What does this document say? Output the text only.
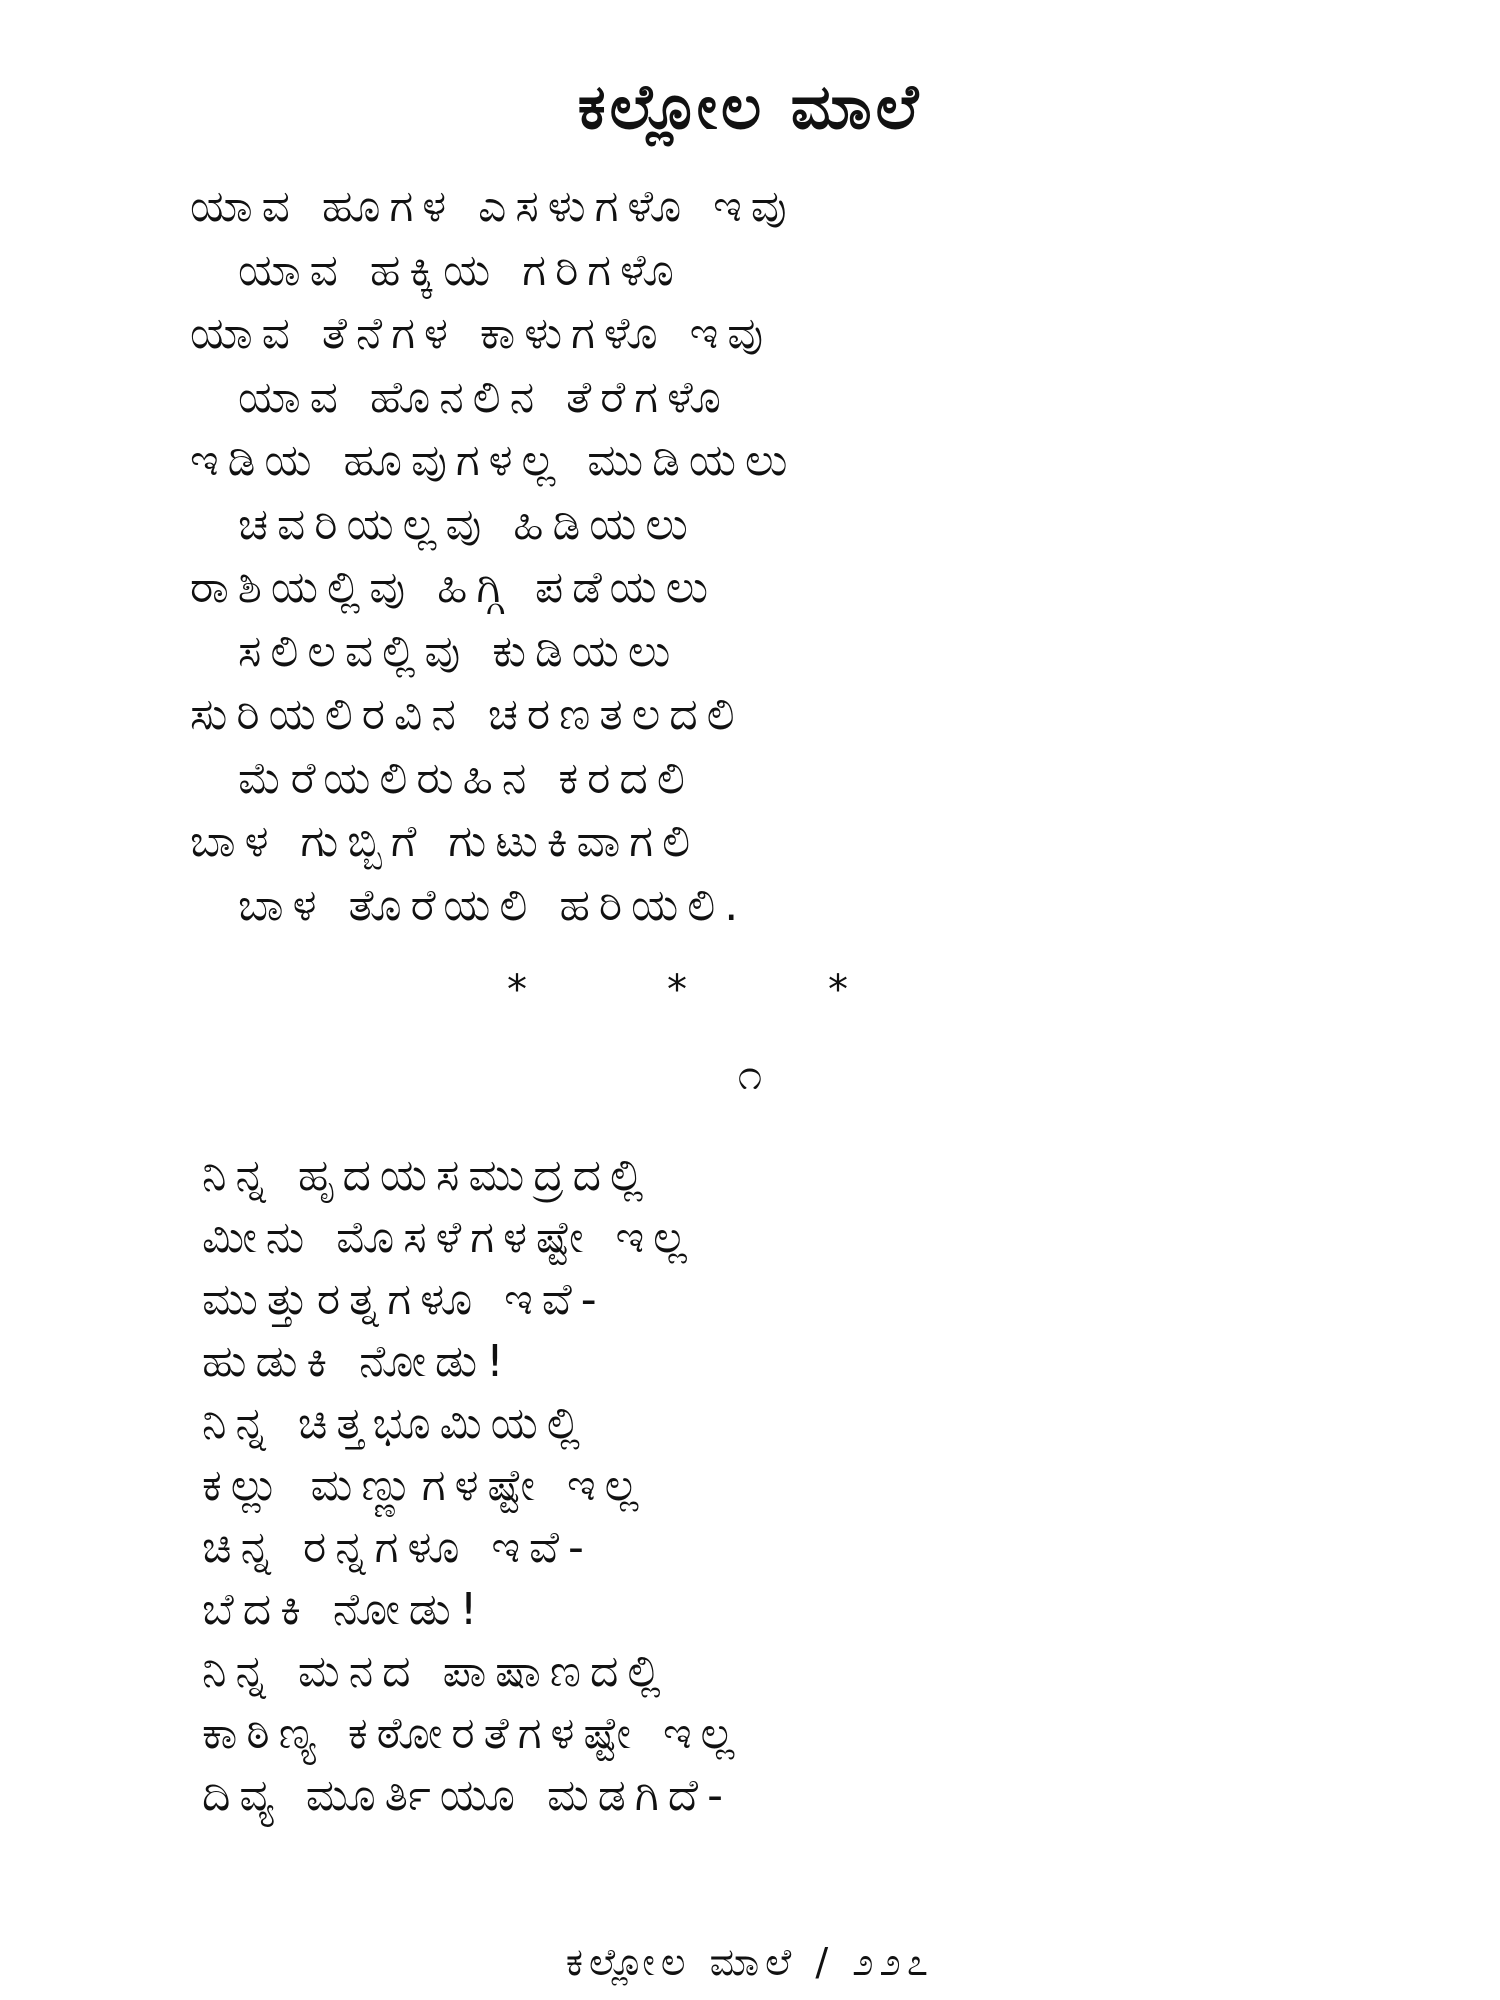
ಕಲ್ಲೋಲ ಮಾಲೆ
ಯಾವ ಹೂಗಳ ಎಸಳುಗಳೊ ಇವು
ಯಾವ ಹಕ್ಕಿಯ ಗರಿಗಳೊ
ಯಾವ ತೆನೆಗಳ ಕಾಳುಗಳೊ ಇವು
ಯಾವ ಹೊನಲಿನ ತೆರೆಗಳೊ
ಇಡಿಯ ಹೂವುಗಳಲ್ಲ ಮುಡಿಯಲು
ಚವರಿಯಲ್ಲವು ಹಿಡಿಯಲು
ರಾಶಿಯಲ್ಲಿವು ಹಿಗ್ಗಿ ಪಡೆಯಲು
ಸಲಿಲವಲ್ಲಿವು ಕುಡಿಯಲು
ಸುರಿಯಲಿರವಿನ ಚರಣತಲದಲಿ
ಮೆರೆಯಲಿರುಹಿನ ಕರದಲಿ
ಬಾಳ ಗುಬ್ಬಿಗೆ ಗುಟುಕಿವಾಗಲಿ
ಬಾಳ ತೊರೆಯಲಿ ಹರಿಯಲಿ.
*	*	*
೧
ನಿನ್ನ ಹೃದಯಸಮುದ್ರದಲ್ಲಿ
ಮೀನು ಮೊಸಳೆಗಳಷ್ಟೇ ಇಲ್ಲ
ಮುತ್ತುರತ್ನಗಳೂ ಇವೆ-
ಹುಡುಕಿ ನೋಡು!
ನಿನ್ನ ಚಿತ್ತಭೂಮಿಯಲ್ಲಿ
ಕಲ್ಲು ಮಣ್ಣುಗಳಷ್ಟೇ ಇಲ್ಲ
ಚಿನ್ನ ರನ್ನಗಳೂ ಇವೆ-
ಬೆದಕಿ ನೋಡು!
ನಿನ್ನ ಮನದ ಪಾಷಾಣದಲ್ಲಿ
ಕಾಠಿಣ್ಯ ಕಠೋರತೆಗಳಷ್ಟೇ ಇಲ್ಲ
ದಿವ್ಯ ಮೂರ್ತಿಯೂ ಮಡಗಿದೆ-
ಕಲ್ಲೋಲ ಮಾಲೆ / ೨೨೭
